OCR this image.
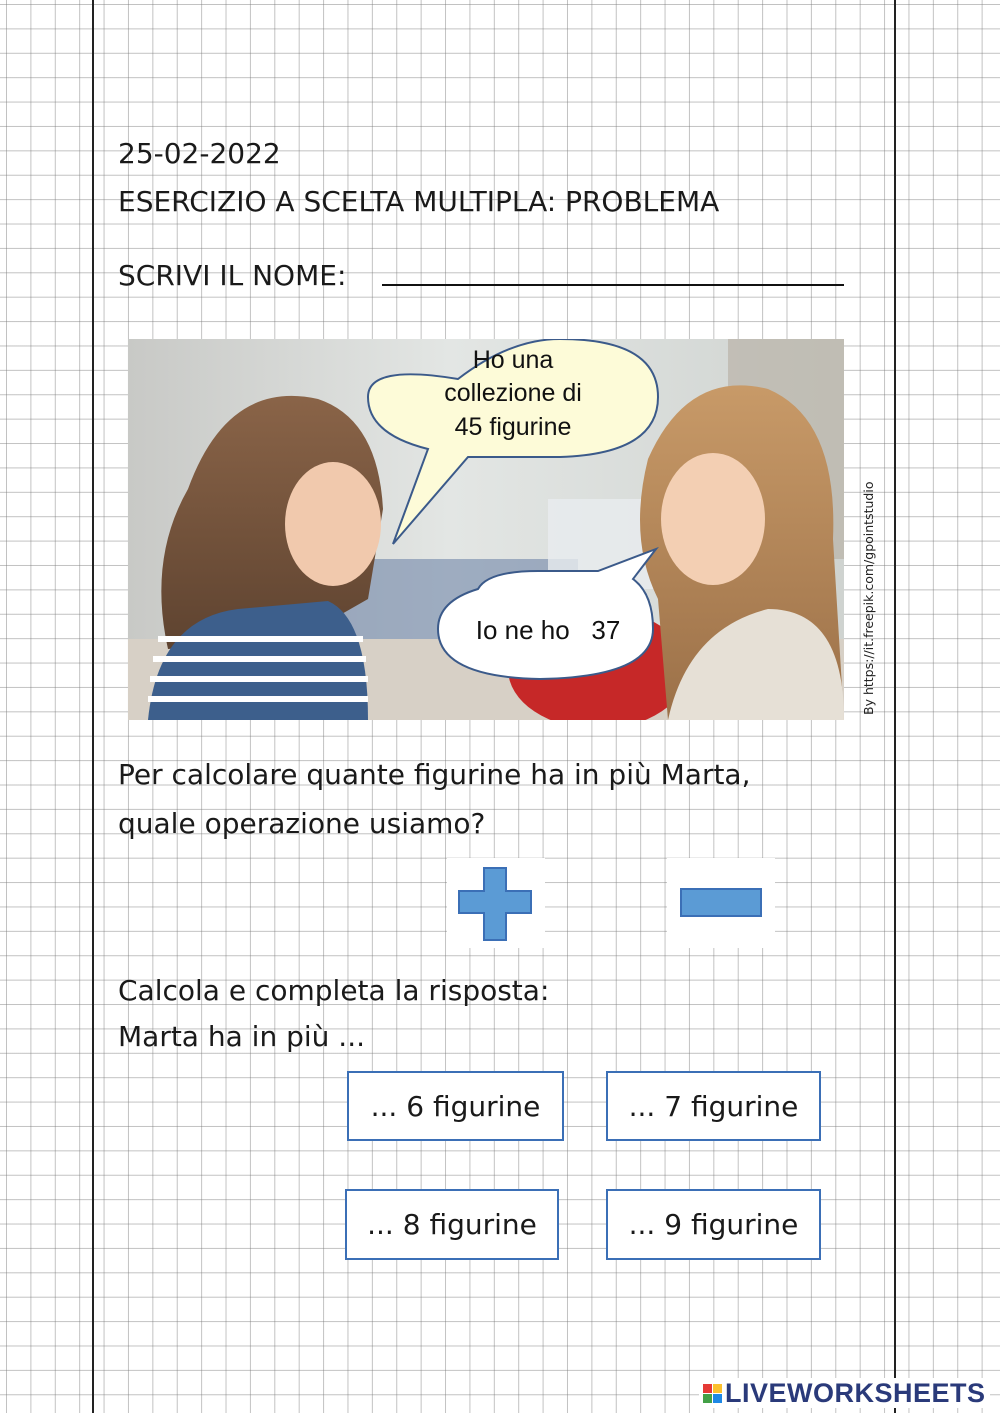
25-02-2022
ESERCIZIO A SCELTA MULTIPLA: PROBLEMA
SCRIVI IL NOME:
Ho una
collezione di
45 figurine
Io ne ho   37	By https://it.freepik.com/gpointstudio
Per calcolare quante figurine ha in più Marta,
quale operazione usiamo?
Calcola e completa la risposta:
Marta ha in più ...
... 6 figurine	... 7 figurine
... 8 figurine	... 9 figurine
LIVEWORKSHEETS
